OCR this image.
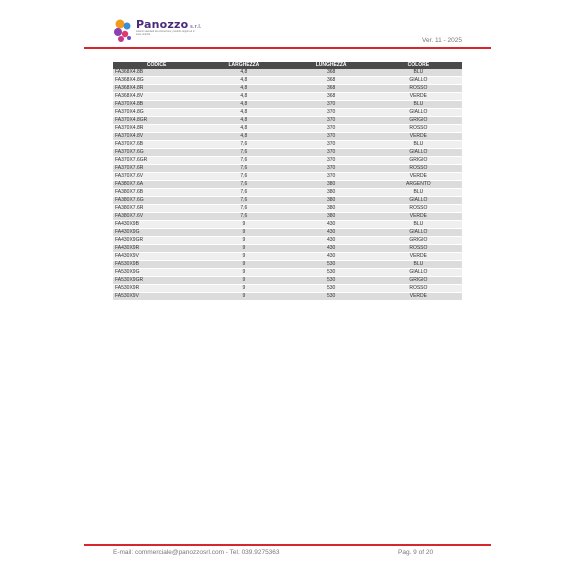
Panozzo s.r.l.
sistemi standard da costruzione, prodotti singoli ed in serie ricambi
Ver. 11 - 2025
CODICE	LARGHEZZA	LUNGHEZZA	COLORE
FA368X4.8B	4,8	368	BLU
FA368X4.8G	4,8	368	GIALLO
FA368X4.8R	4,8	368	ROSSO
FA368X4.8V	4,8	368	VERDE
FA370X4.8B	4,8	370	BLU
FA370X4.8G	4,8	370	GIALLO
FA370X4.8GR	4,8	370	GRIGIO
FA370X4.8R	4,8	370	ROSSO
FA370X4.8V	4,8	370	VERDE
FA370X7.6B	7,6	370	BLU
FA370X7.6G	7,6	370	GIALLO
FA370X7.6GR	7,6	370	GRIGIO
FA370X7.6R	7,6	370	ROSSO
FA370X7.6V	7,6	370	VERDE
FA380X7.6A	7,6	380	ARGENTO
FA380X7.6B	7,6	380	BLU
FA380X7.6G	7,6	380	GIALLO
FA380X7.6R	7,6	380	ROSSO
FA380X7.6V	7,6	380	VERDE
FA430X9B	9	430	BLU
FA430X9G	9	430	GIALLO
FA430X9GR	9	430	GRIGIO
FA430X9R	9	430	ROSSO
FA430X9V	9	430	VERDE
FA530X9B	9	530	BLU
FA530X9G	9	530	GIALLO
FA530X9GR	9	530	GRIGIO
FA530X9R	9	530	ROSSO
FA530X9V	9	530	VERDE
E-mail: commerciale@panozzosrl.com - Tel. 039.9275363	Pag. 9 of 20
